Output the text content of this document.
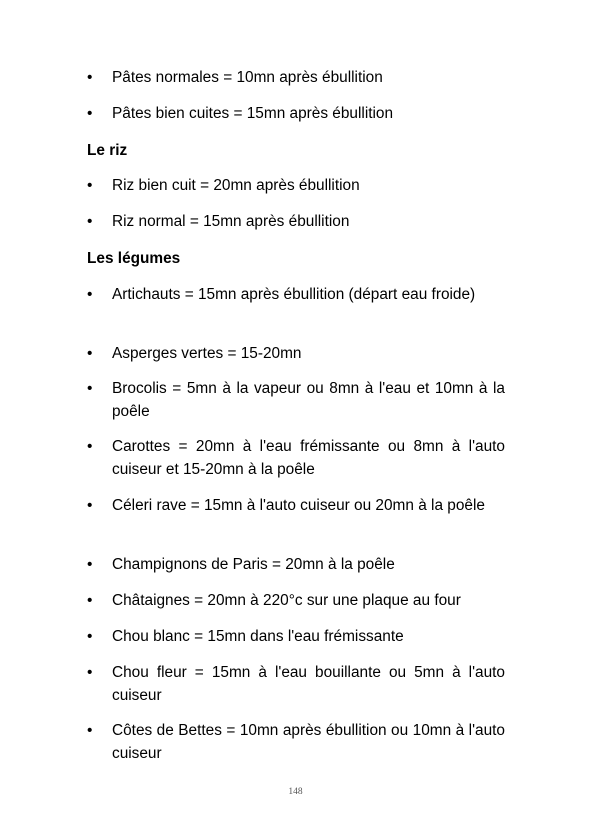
•	Pâtes normales = 10mn après ébullition
•	Pâtes bien cuites = 15mn après ébullition
Le riz
•	Riz bien cuit = 20mn après ébullition
•	Riz normal = 15mn après ébullition
Les légumes
•	Artichauts = 15mn après ébullition (départ eau froide)
•	Asperges vertes = 15-20mn
•	Brocolis = 5mn à la vapeur ou 8mn à l'eau et 10mn à la poêle
•	Carottes = 20mn à l'eau frémissante ou 8mn à l'auto cuiseur et 15-20mn à la poêle
•	Céleri rave = 15mn à l'auto cuiseur ou 20mn à la poêle
•	Champignons de Paris = 20mn à la poêle
•	Châtaignes = 20mn à 220°c sur une plaque au four
•	Chou blanc = 15mn dans l'eau frémissante
•	Chou fleur = 15mn à l'eau bouillante ou 5mn à l'auto cuiseur
•	Côtes de Bettes = 10mn après ébullition ou 10mn à l'auto cuiseur
148
